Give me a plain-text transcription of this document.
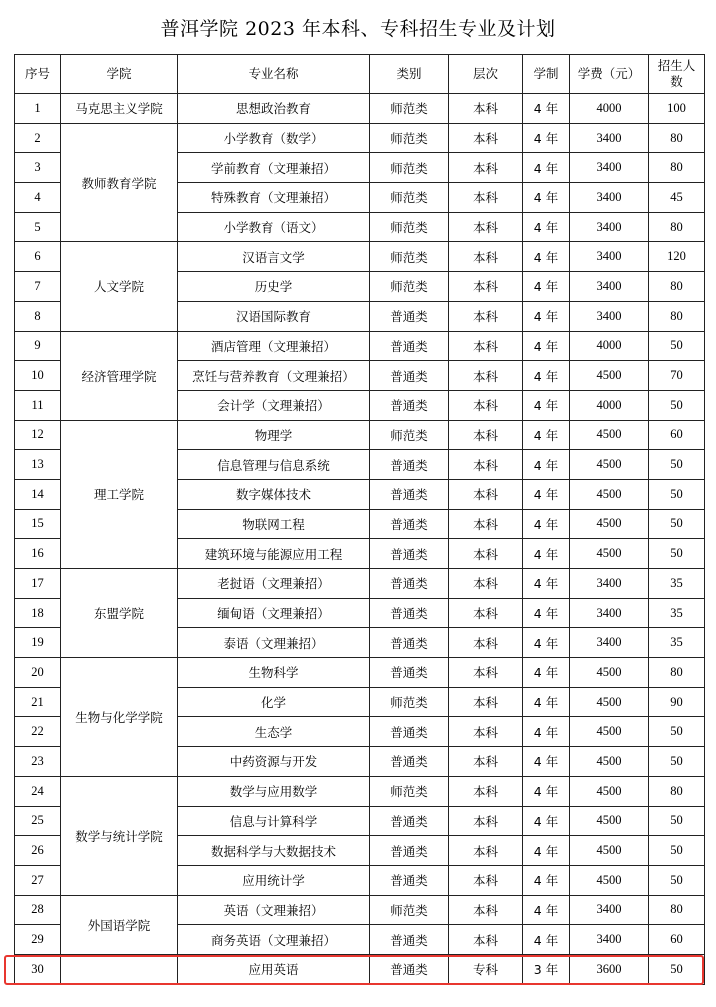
普洱学院 2023 年本科、专科招生专业及计划
序号	学院	专业名称	类别	层次	学制	学费（元）	招生人数
1	马克思主义学院	思想政治教育	师范类	本科	4 年	4000	100
2	教师教育学院	小学教育（数学）	师范类	本科	4 年	3400	80
3		学前教育（文理兼招）	师范类	本科	4 年	3400	80
4		特殊教育（文理兼招）	师范类	本科	4 年	3400	45
5		小学教育（语文）	师范类	本科	4 年	3400	80
6	人文学院	汉语言文学	师范类	本科	4 年	3400	120
7		历史学	师范类	本科	4 年	3400	80
8		汉语国际教育	普通类	本科	4 年	3400	80
9	经济管理学院	酒店管理（文理兼招）	普通类	本科	4 年	4000	50
10		烹饪与营养教育（文理兼招）	普通类	本科	4 年	4500	70
11		会计学（文理兼招）	普通类	本科	4 年	4000	50
12	理工学院	物理学	师范类	本科	4 年	4500	60
13		信息管理与信息系统	普通类	本科	4 年	4500	50
14		数字媒体技术	普通类	本科	4 年	4500	50
15		物联网工程	普通类	本科	4 年	4500	50
16		建筑环境与能源应用工程	普通类	本科	4 年	4500	50
17	东盟学院	老挝语（文理兼招）	普通类	本科	4 年	3400	35
18		缅甸语（文理兼招）	普通类	本科	4 年	3400	35
19		泰语（文理兼招）	普通类	本科	4 年	3400	35
20	生物与化学学院	生物科学	普通类	本科	4 年	4500	80
21		化学	师范类	本科	4 年	4500	90
22		生态学	普通类	本科	4 年	4500	50
23		中药资源与开发	普通类	本科	4 年	4500	50
24	数学与统计学院	数学与应用数学	师范类	本科	4 年	4500	80
25		信息与计算科学	普通类	本科	4 年	4500	50
26		数据科学与大数据技术	普通类	本科	4 年	4500	50
27		应用统计学	普通类	本科	4 年	4500	50
28	外国语学院	英语（文理兼招）	师范类	本科	4 年	3400	80
29		商务英语（文理兼招）	普通类	本科	4 年	3400	60
30		应用英语	普通类	专科	3 年	3600	50
